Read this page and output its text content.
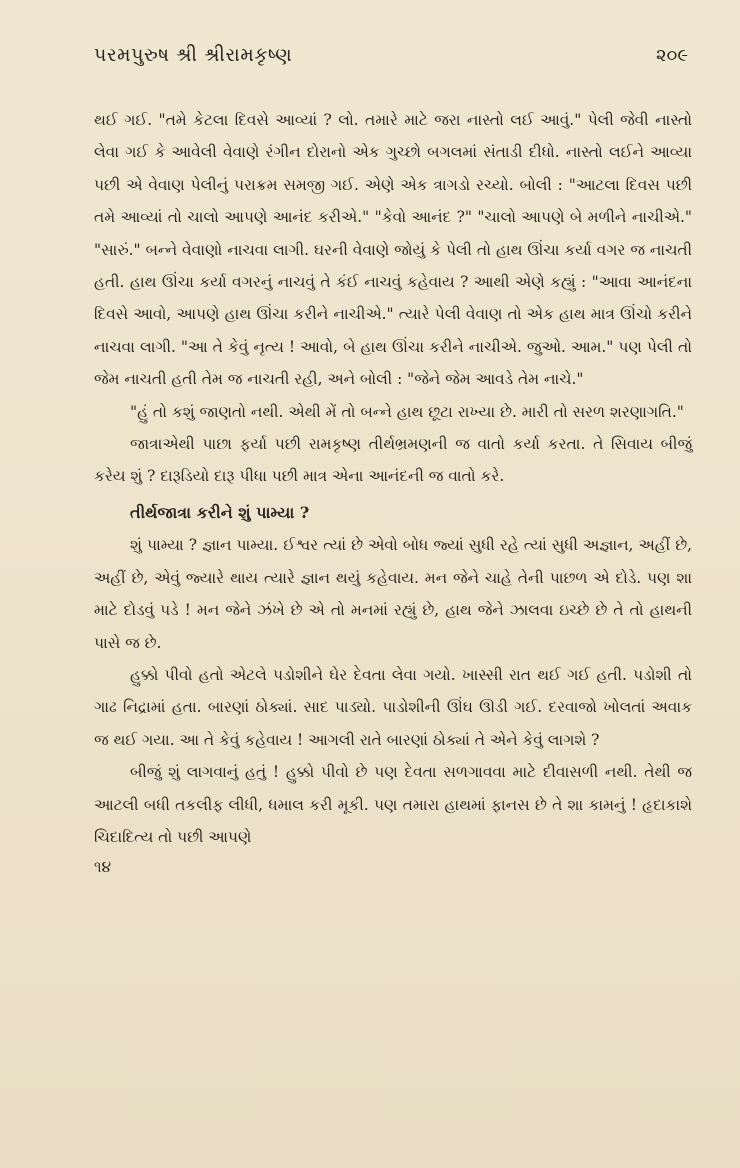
પરમપુરુષ શ્રી શ્રીરામકૃષ્ણ	૨૦૯

થઈ ગઈ. "તમે કેટલા દિવસે આવ્યાં ? લો. તમારે માટે જરા નાસ્તો લઈ આવું." પેલી જેવી નાસ્તો લેવા ગઈ કે આવેલી વેવાણે રંગીન દોરાનો એક ગુચ્છો બગલમાં સંતાડી દીધો. નાસ્તો લઈને આવ્યા પછી એ વેવાણ પેલીનું પરાક્રમ સમજી ગઈ. એણે એક ત્રાગડો રચ્યો. બોલી : "આટલા દિવસ પછી તમે આવ્યાં તો ચાલો આપણે આનંદ કરીએ." "કેવો આનંદ ?" "ચાલો આપણે બે મળીને નાચીએ." "સારું." બન્ને વેવાણો નાચવા લાગી. ઘરની વેવાણે જોયું કે પેલી તો હાથ ઊંચા કર્યા વગર જ નાચતી હતી. હાથ ઊંચા કર્યા વગરનું નાચવું તે કંઈ નાચવું કહેવાય ? આથી એણે કહ્યું : "આવા આનંદના દિવસે આવો, આપણે હાથ ઊંચા કરીને નાચીએ." ત્યારે પેલી વેવાણ તો એક હાથ માત્ર ઊંચો કરીને નાચવા લાગી. "આ તે કેવું નૃત્ય ! આવો, બે હાથ ઊંચા કરીને નાચીએ. જુઓ. આમ." પણ પેલી તો જેમ નાચતી હતી તેમ જ નાચતી રહી, અને બોલી : "જેને જેમ આવડે તેમ નાચે."

"હું તો કશું જાણતો નથી. એથી મેં તો બન્ને હાથ છૂટા રાખ્યા છે. મારી તો સરળ શરણાગતિ."

જાત્રાએથી પાછા ફર્યા પછી રામકૃષ્ણ તીર્થભ્રમણની જ વાતો કર્યા કરતા. તે સિવાય બીજું કરેય શું ? દારૂડિયો દારૂ પીધા પછી માત્ર એના આનંદની જ વાતો કરે.

તીર્થજાત્રા કરીને શું પામ્યા ?

શું પામ્યા ? જ્ઞાન પામ્યા. ઈશ્વર ત્યાં છે એવો બોધ જ્યાં સુધી રહે ત્યાં સુધી અજ્ઞાન, અહીં છે, અહીં છે, એવું જ્યારે થાય ત્યારે જ્ઞાન થયું કહેવાય. મન જેને ચાહે તેની પાછળ એ દોડે. પણ શા માટે દોડવું પડે ! મન જેને ઝંખે છે એ તો મનમાં રહ્યું છે, હાથ જેને ઝાલવા ઇચ્છે છે તે તો હાથની પાસે જ છે.

હુક્કો પીવો હતો એટલે પડોશીને ઘેર દેવતા લેવા ગયો. ખાસ્સી રાત થઈ ગઈ હતી. પડોશી તો ગાઢ નિદ્રામાં હતા. બારણાં ઠોક્યાં. સાદ પાડ્યો. પાડોશીની ઊંઘ ઊડી ગઈ. દરવાજો ખોલતાં અવાક જ થઈ ગયા. આ તે કેવું કહેવાય ! આગલી રાતે બારણાં ઠોક્યાં તે એને કેવું લાગશે ?

બીજું શું લાગવાનું હતું ! હુક્કો પીવો છે પણ દેવતા સળગાવવા માટે દીવાસળી નથી. તેથી જ આટલી બધી તકલીફ લીધી, ધમાલ કરી મૂકી. પણ તમારા હાથમાં ફાનસ છે તે શા કામનું ! હૃદાકાશે ચિદાદિત્ય તો પછી આપણે

૧૪
